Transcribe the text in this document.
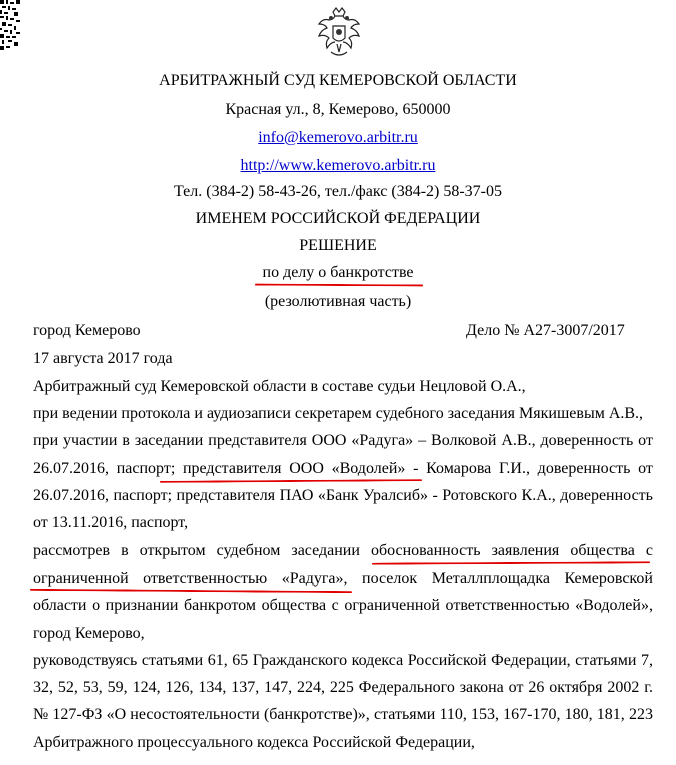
АРБИТРАЖНЫЙ СУД КЕМЕРОВСКОЙ ОБЛАСТИ
Красная ул., 8, Кемерово, 650000
info@kemerovo.arbitr.ru
http://www.kemerovo.arbitr.ru
Тел. (384-2) 58-43-26, тел./факс (384-2) 58-37-05
ИМЕНЕМ РОССИЙСКОЙ ФЕДЕРАЦИИ
РЕШЕНИЕ
по делу о банкротстве
(резолютивная часть)
город Кемерово	Дело № А27-3007/2017
17 августа 2017 года
Арбитражный суд Кемеровской области в составе судьи Нецловой О.А.,
при ведении протокола и аудиозаписи секретарем судебного заседания Мякишевым А.В.,
при участии в заседании представителя ООО «Радуга» – Волковой А.В., доверенность от
26.07.2016, паспорт; представителя ООО «Водолей» - Комарова Г.И., доверенность от
26.07.2016, паспорт; представителя ПАО «Банк Уралсиб» - Ротовского К.А., доверенность
от 13.11.2016, паспорт,
рассмотрев в открытом судебном заседании обоснованность заявления общества с
ограниченной ответственностью «Радуга», поселок Металлплощадка Кемеровской
области о признании банкротом общества с ограниченной ответственностью «Водолей»,
город Кемерово,
руководствуясь статьями 61, 65 Гражданского кодекса Российской Федерации, статьями 7,
32, 52, 53, 59, 124, 126, 134, 137, 147, 224, 225 Федерального закона от 26 октября 2002 г.
№ 127-ФЗ «О несостоятельности (банкротстве)», статьями 110, 153, 167-170, 180, 181, 223
Арбитражного процессуального кодекса Российской Федерации,
